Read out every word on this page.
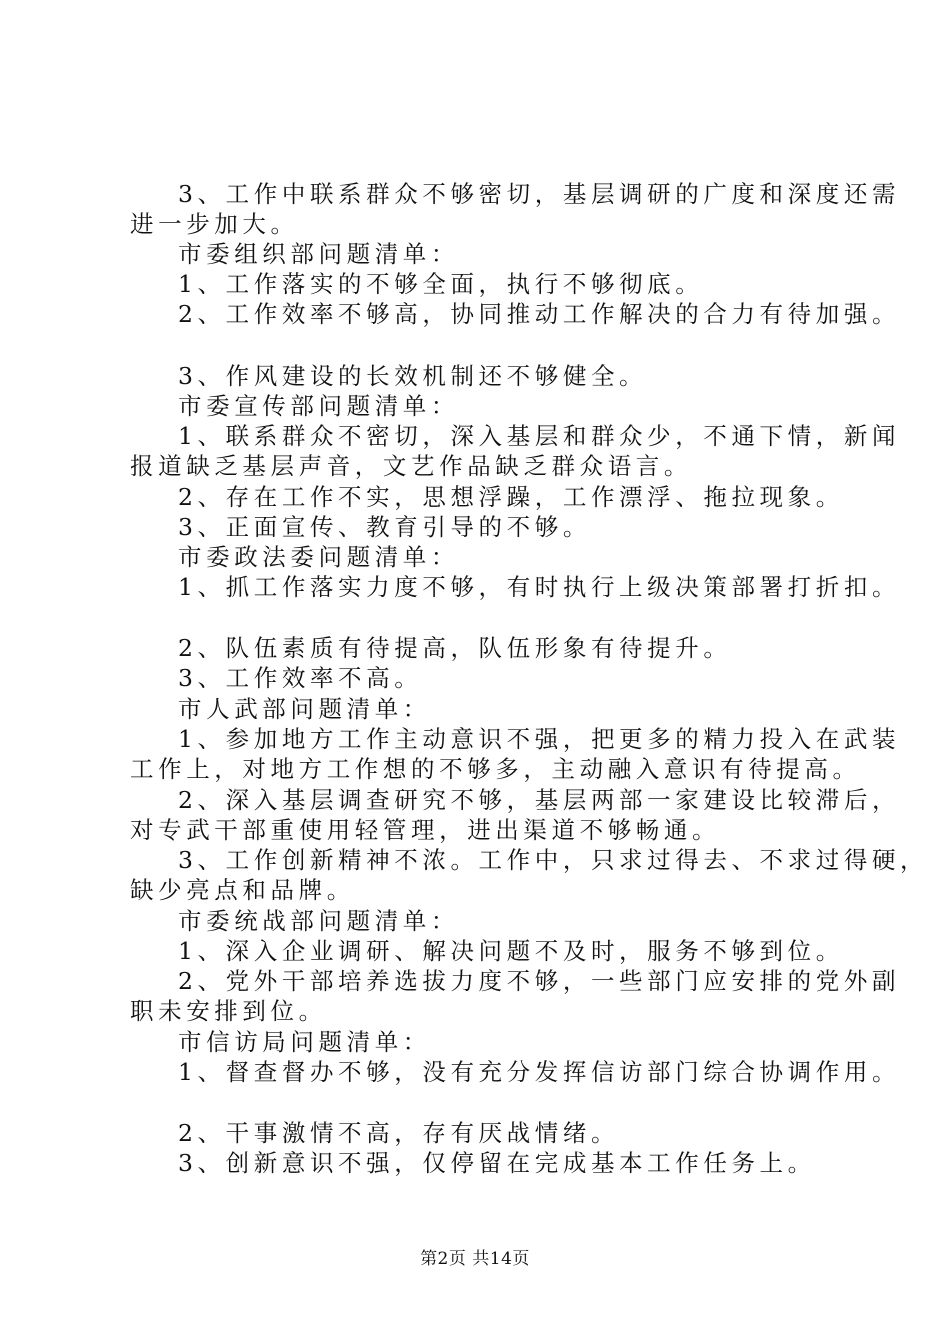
3、工作中联系群众不够密切，基层调研的广度和深度还需
进一步加大。
市委组织部问题清单：
1、工作落实的不够全面，执行不够彻底。
2、工作效率不够高，协同推动工作解决的合力有待加强。
3、作风建设的长效机制还不够健全。
市委宣传部问题清单：
1、联系群众不密切，深入基层和群众少，不通下情，新闻
报道缺乏基层声音，文艺作品缺乏群众语言。
2、存在工作不实，思想浮躁，工作漂浮、拖拉现象。
3、正面宣传、教育引导的不够。
市委政法委问题清单：
1、抓工作落实力度不够，有时执行上级决策部署打折扣。
2、队伍素质有待提高，队伍形象有待提升。
3、工作效率不高。
市人武部问题清单：
1、参加地方工作主动意识不强，把更多的精力投入在武装
工作上，对地方工作想的不够多，主动融入意识有待提高。
2、深入基层调查研究不够，基层两部一家建设比较滞后，
对专武干部重使用轻管理，进出渠道不够畅通。
3、工作创新精神不浓。工作中，只求过得去、不求过得硬，
缺少亮点和品牌。
市委统战部问题清单：
1、深入企业调研、解决问题不及时，服务不够到位。
2、党外干部培养选拔力度不够，一些部门应安排的党外副
职未安排到位。
市信访局问题清单：
1、督查督办不够，没有充分发挥信访部门综合协调作用。
2、干事激情不高，存有厌战情绪。
3、创新意识不强，仅停留在完成基本工作任务上。
第2页 共14页
